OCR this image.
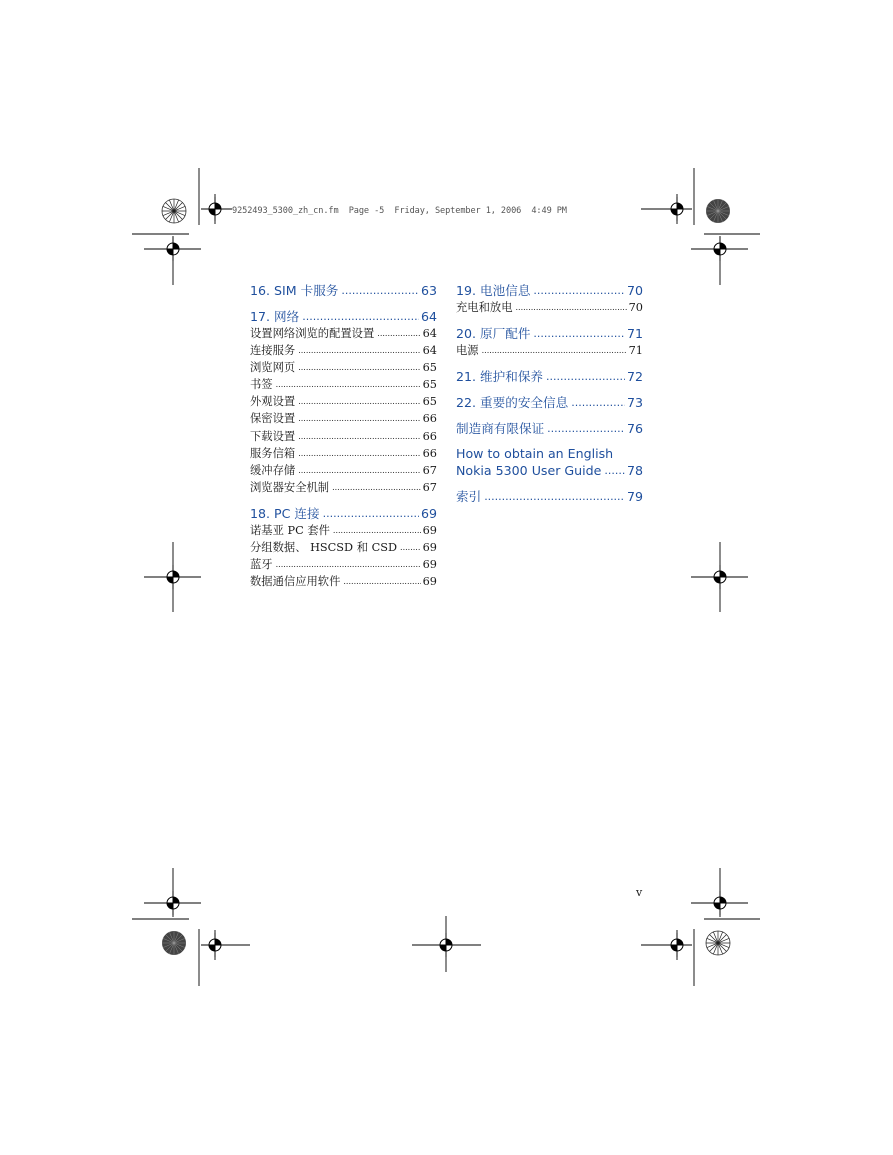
9252493_5300_zh_cn.fm  Page -5  Friday, September 1, 2006  4:49 PM
16. SIM 卡服务 .....	63
17. 网络 .....	64
设置网络浏览的配置设置 .....	64
连接服务 .....	64
浏览网页 .....	65
书签 .....	65
外观设置 .....	65
保密设置 .....	66
下载设置 .....	66
服务信箱 .....	66
缓冲存储 .....	67
浏览器安全机制 .....	67
18. PC 连接 .....	69
诺基亚 PC 套件 .....	69
分组数据、 HSCSD 和 CSD ..... 69
蓝牙 .....	69
数据通信应用软件 .....	69
19. 电池信息 .....	70
充电和放电 .....	70
20. 原厂配件 .....	71
电源 .....	71
21. 维护和保养 .....	72
22. 重要的安全信息 .....	73
制造商有限保证 .....	76
How to obtain an English
Nokia 5300 User Guide ..... 78
索引 .....	79
v
